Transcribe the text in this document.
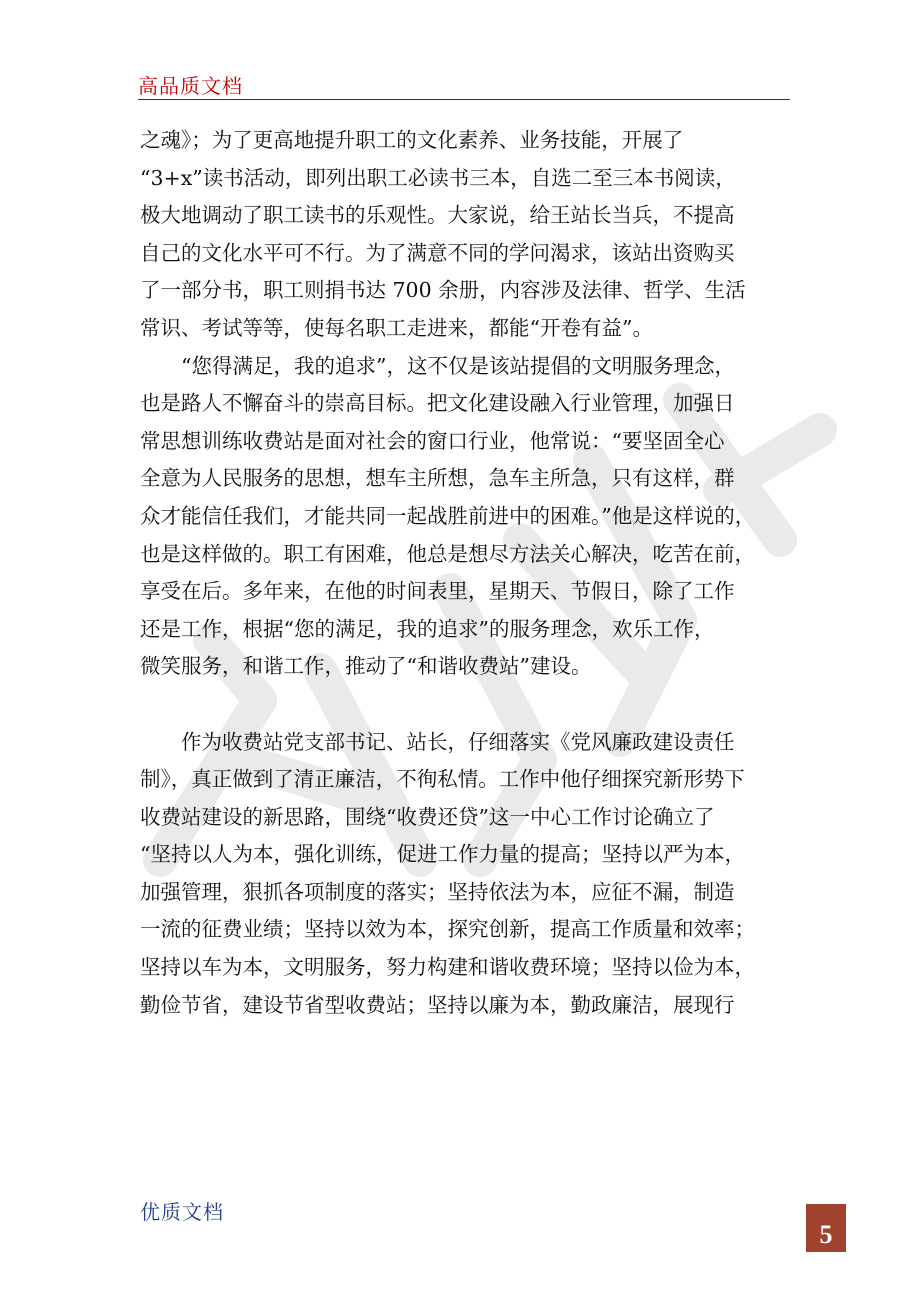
高品质文档
之魂》；为了更高地提升职工的文化素养、业务技能，开展了
“3+x”读书活动，即列出职工必读书三本，自选二至三本书阅读，
极大地调动了职工读书的乐观性。大家说，给王站长当兵，不提高
自己的文化水平可不行。为了满意不同的学问渴求，该站出资购买
了一部分书，职工则捐书达 700 余册，内容涉及法律、哲学、生活
常识、考试等等，使每名职工走进来，都能“开卷有益”。
　　“您得满足，我的追求”，这不仅是该站提倡的文明服务理念，
也是路人不懈奋斗的崇高目标。把文化建设融入行业管理，加强日
常思想训练收费站是面对社会的窗口行业，他常说：“要坚固全心
全意为人民服务的思想，想车主所想，急车主所急，只有这样，群
众才能信任我们，才能共同一起战胜前进中的困难。”他是这样说的，
也是这样做的。职工有困难，他总是想尽方法关心解决，吃苦在前，
享受在后。多年来，在他的时间表里，星期天、节假日，除了工作
还是工作，根据“您的满足，我的追求”的服务理念，欢乐工作，
微笑服务，和谐工作，推动了“和谐收费站”建设。
　　作为收费站党支部书记、站长，仔细落实《党风廉政建设责任
制》，真正做到了清正廉洁，不徇私情。工作中他仔细探究新形势下
收费站建设的新思路，围绕“收费还贷”这一中心工作讨论确立了
“坚持以人为本，强化训练，促进工作力量的提高；坚持以严为本，
加强管理，狠抓各项制度的落实；坚持依法为本，应征不漏，制造
一流的征费业绩；坚持以效为本，探究创新，提高工作质量和效率；
坚持以车为本，文明服务，努力构建和谐收费环境；坚持以俭为本，
勤俭节省，建设节省型收费站；坚持以廉为本，勤政廉洁，展现行
优质文档
5
